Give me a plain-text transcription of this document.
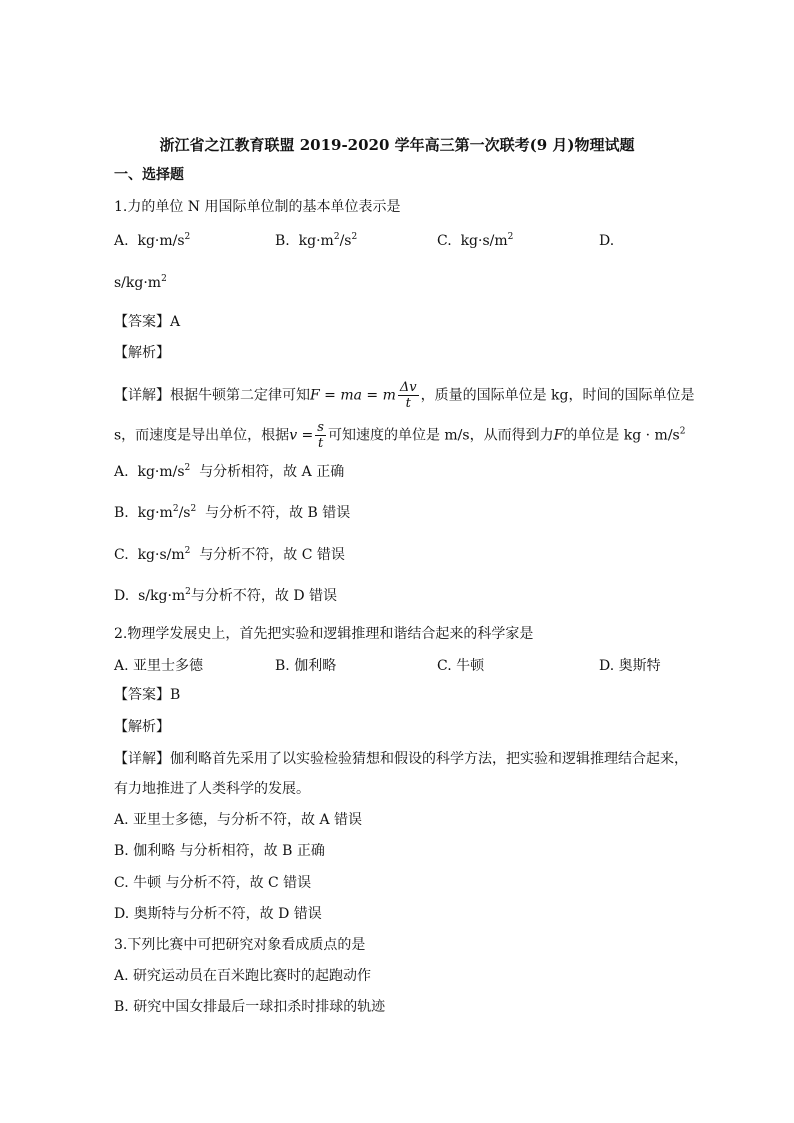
浙江省之江教育联盟 2019-2020 学年高三第一次联考(9 月)物理试题
一、选择题
1.力的单位 N 用国际单位制的基本单位表示是
A. $kg\cdot m/s^2$	B. $kg\cdot m^2/s^2$	C. $kg\cdot s/m^2$	D.
$s/kg\cdot m^2$
【答案】A
【解析】
【详解】根据牛顿第二定律可知F = ma = m $\frac{\Delta v}{t}$ ，质量的国际单位是 kg，时间的国际单位是
s，而速度是导出单位，根据$v = \frac{s}{t}$ 可知速度的单位是 m/s，从而得到力F的单位是 kg · $m/s^2$
A. $kg\cdot m/s^2$ 与分析相符，故 A 正确
B. $kg\cdot m^2/s^2$ 与分析不符，故 B 错误
C. $kg\cdot s/m^2$ 与分析不符，故 C 错误
D. $s/kg\cdot m^2$与分析不符，故 D 错误
2.物理学发展史上，首先把实验和逻辑推理和谐结合起来的科学家是
A. 亚里士多德	B. 伽利略	C. 牛顿	D. 奥斯特
【答案】B
【解析】
【详解】伽利略首先采用了以实验检验猜想和假设的科学方法，把实验和逻辑推理结合起来，
有力地推进了人类科学的发展。
A. 亚里士多德，与分析不符，故 A 错误
B. 伽利略 与分析相符，故 B 正确
C. 牛顿 与分析不符，故 C 错误
D. 奥斯特与分析不符，故 D 错误
3.下列比赛中可把研究对象看成质点的是
A. 研究运动员在百米跑比赛时的起跑动作
B. 研究中国女排最后一球扣杀时排球的轨迹
